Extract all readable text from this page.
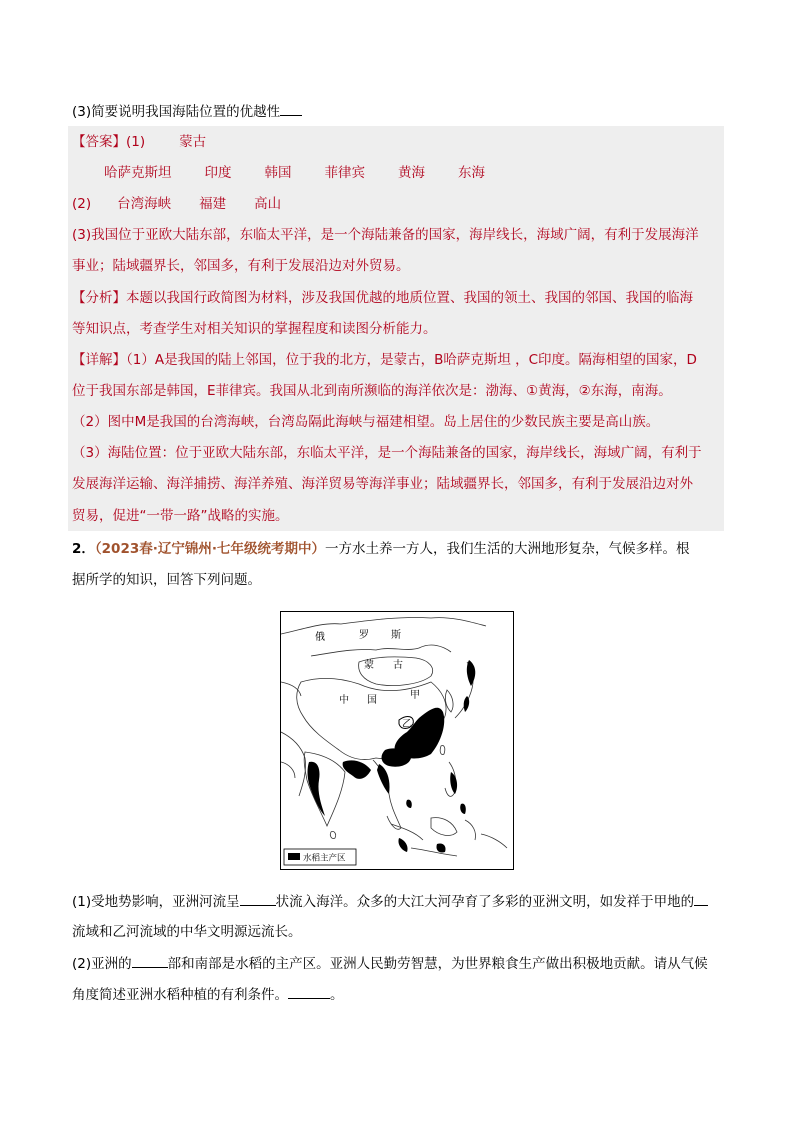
(3)简要说明我国海陆位置的优越性
【答案】(1)	蒙古
哈萨克斯坦 印度 韩国 菲律宾 黄海 东海
(2) 台湾海峡 福建 高山
(3)我国位于亚欧大陆东部，东临太平洋，是一个海陆兼备的国家，海岸线长，海域广阔，有利于发展海洋
事业；陆域疆界长，邻国多，有利于发展沿边对外贸易。
【分析】本题以我国行政简图为材料，涉及我国优越的地质位置、我国的领土、我国的邻国、我国的临海
等知识点，考查学生对相关知识的掌握程度和读图分析能力。
【详解】（1）A是我国的陆上邻国，位于我的北方，是蒙古，B哈萨克斯坦 ，C印度。隔海相望的国家，D
位于我国东部是韩国，E菲律宾。我国从北到南所濒临的海洋依次是：渤海、①黄海，②东海，南海。
（2）图中M是我国的台湾海峡，台湾岛隔此海峡与福建相望。岛上居住的少数民族主要是高山族。
（3）海陆位置：位于亚欧大陆东部，东临太平洋，是一个海陆兼备的国家，海岸线长，海域广阔，有利于
发展海洋运输、海洋捕捞、海洋养殖、海洋贸易等海洋事业；陆域疆界长，邻国多，有利于发展沿边对外
贸易，促进“一带一路”战略的实施。
2．（2023春·辽宁锦州·七年级统考期中）一方水土养一方人，我们生活的大洲地形复杂，气候多样。根
据所学的知识，回答下列问题。
俄	罗 斯
蒙 古
中 国	甲
乙
水稻主产区
(1)受地势影响，亚洲河流呈	状流入海洋。众多的大江大河孕育了多彩的亚洲文明，如发祥于甲地的
流域和乙河流域的中华文明源远流长。
(2)亚洲的	部和南部是水稻的主产区。亚洲人民勤劳智慧，为世界粮食生产做出积极地贡献。请从气候
角度简述亚洲水稻种植的有利条件。	。
